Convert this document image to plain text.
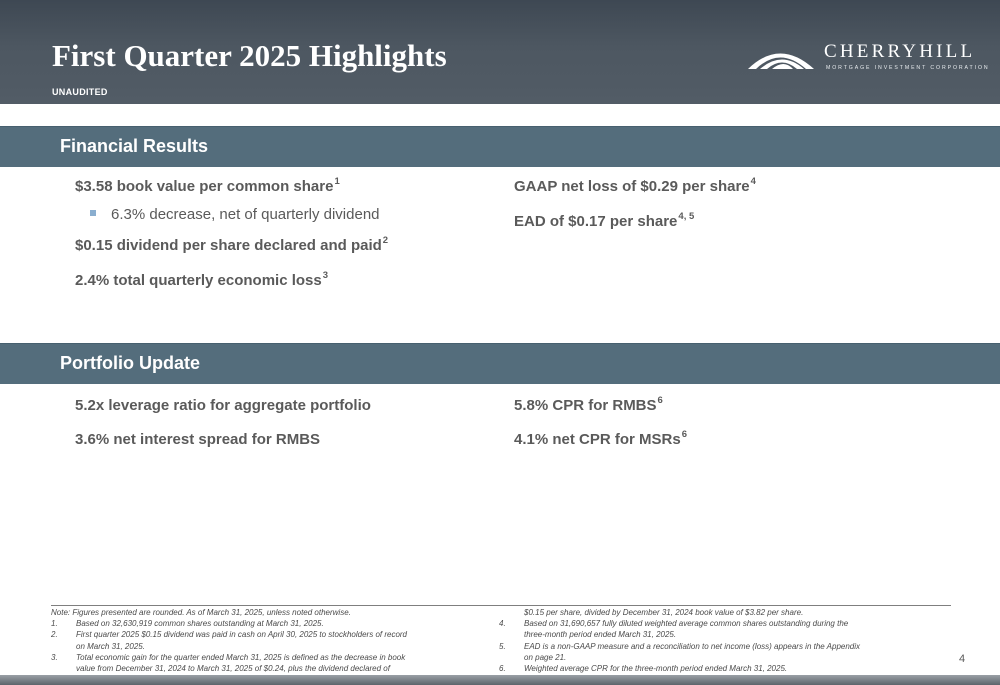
First Quarter 2025 Highlights
UNAUDITED
CHERRYHILL
MORTGAGE INVESTMENT CORPORATION
Financial Results
$3.58 book value per common share$^1$
6.3% decrease, net of quarterly dividend
$0.15 dividend per share declared and paid$^2$
2.4% total quarterly economic loss$^3$
GAAP net loss of $0.29 per share$^4$
EAD of $0.17 per share$^{4, 5}$
Portfolio Update
5.2x leverage ratio for aggregate portfolio
3.6% net interest spread for RMBS
5.8% CPR for RMBS$^6$
4.1% net CPR for MSRs$^6$
Note: Figures presented are rounded. As of March 31, 2025, unless noted otherwise.
1.	Based on 32,630,919 common shares outstanding at March 31, 2025.
2.	First quarter 2025 $0.15 dividend was paid in cash on April 30, 2025 to stockholders of record
on March 31, 2025.
3.	Total economic gain for the quarter ended March 31, 2025 is defined as the decrease in book
value from December 31, 2024 to March 31, 2025 of $0.24, plus the dividend declared of
$0.15 per share, divided by December 31, 2024 book value of $3.82 per share.
4.	Based on 31,690,657 fully diluted weighted average common shares outstanding during the
three-month period ended March 31, 2025.
5.	EAD is a non-GAAP measure and a reconciliation to net income (loss) appears in the Appendix
on page 21.
6.	Weighted average CPR for the three-month period ended March 31, 2025.
4
